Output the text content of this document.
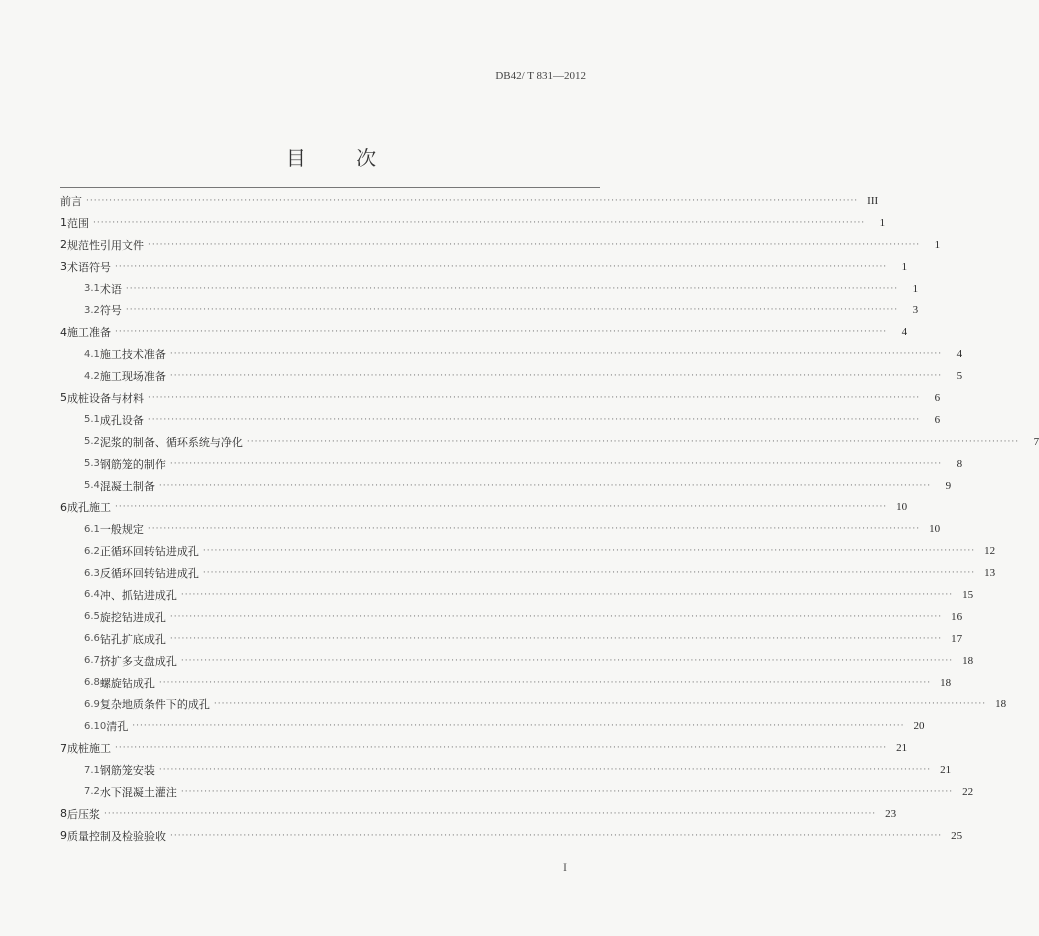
DB42/ T 831—2012
目 次
前言 ········································································································································································································ III
1 范围 ········································································································································································································	1
2 规范性引用文件 ········································································································································································································	1
3 术语符号 ········································································································································································································	1
3.1 术语 ········································································································································································································	1
3.2 符号 ········································································································································································································	3
4 施工准备 ········································································································································································································	4
4.1 施工技术准备 ········································································································································································································	4
4.2 施工现场准备 ········································································································································································································	5
5 成桩设备与材料 ········································································································································································································	6
5.1 成孔设备 ········································································································································································································	6
5.2 泥浆的制备、循环系统与净化 ········································································································································································································	7
5.3 钢筋笼的制作 ········································································································································································································	8
5.4 混凝土制备 ········································································································································································································	9
6 成孔施工 ········································································································································································································ 10
6.1 一般规定 ········································································································································································································ 10
6.2 正循环回转钻进成孔 ········································································································································································································ 12
6.3 反循环回转钻进成孔 ········································································································································································································ 13
6.4 冲、抓钻进成孔 ········································································································································································································ 15
6.5 旋挖钻进成孔 ········································································································································································································ 16
6.6 钻孔扩底成孔 ········································································································································································································ 17
6.7 挤扩多支盘成孔 ········································································································································································································ 18
6.8 螺旋钻成孔 ········································································································································································································ 18
6.9 复杂地质条件下的成孔 ········································································································································································································ 18
6.10 清孔 ········································································································································································································ 20
7 成桩施工 ········································································································································································································ 21
7.1 钢筋笼安装 ········································································································································································································ 21
7.2 水下混凝土灌注 ········································································································································································································ 22
8 后压浆 ········································································································································································································ 23
9 质量控制及检验验收 ········································································································································································································ 25
I
